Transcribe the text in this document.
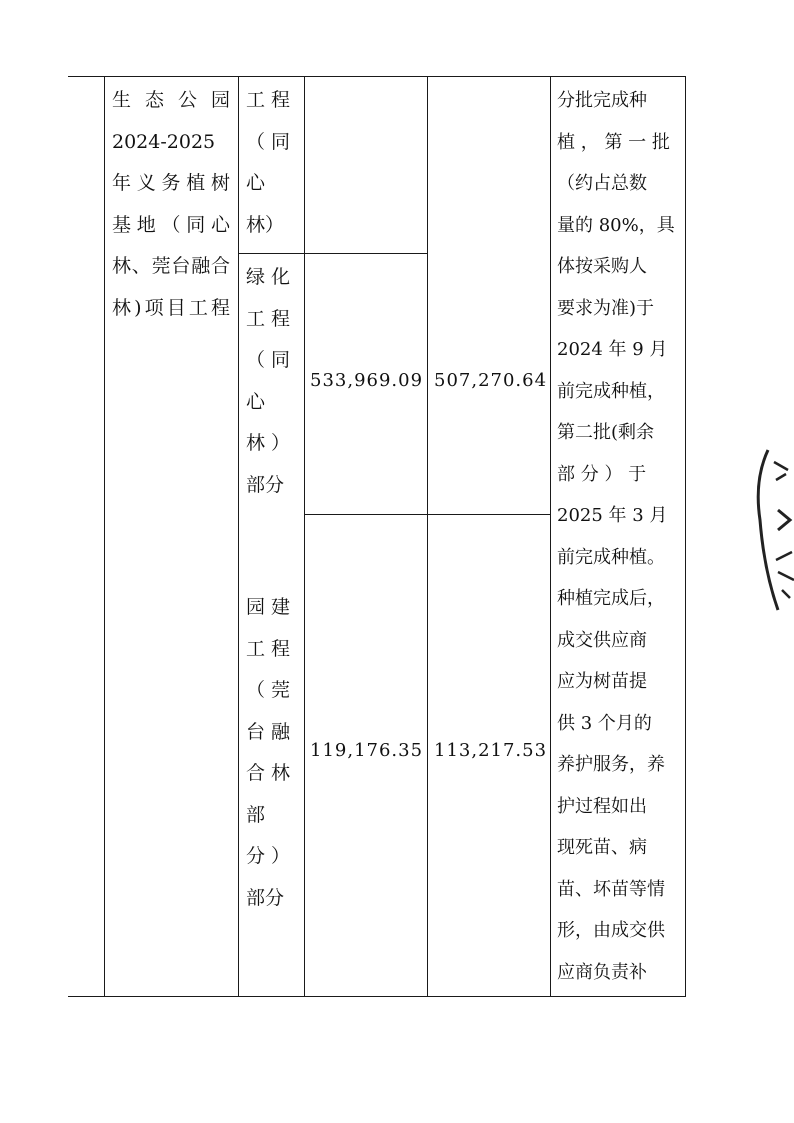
生 态 公 园
2024-2025
年义务植树
基地（同心
林、莞台融合
林)项目工程
工 程
（ 同
心
林）
绿 化
工 程
（ 同
心
林 ）
部分
533,969.09 507,270.64
园 建
工 程
（ 莞
台 融
合 林
部
分 ）
部分
119,176.35 113,217.53
分批完成种
植 ， 第 一 批
（约占总数
量的 80%，具
体按采购人
要求为准)于
2024 年 9 月
前完成种植，
第二批(剩余
部 分 ） 于
2025 年 3 月
前完成种植。
种植完成后，
成交供应商
应为树苗提
供 3 个月的
养护服务，养
护过程如出
现死苗、病
苗、坏苗等情
形，由成交供
应商负责补
